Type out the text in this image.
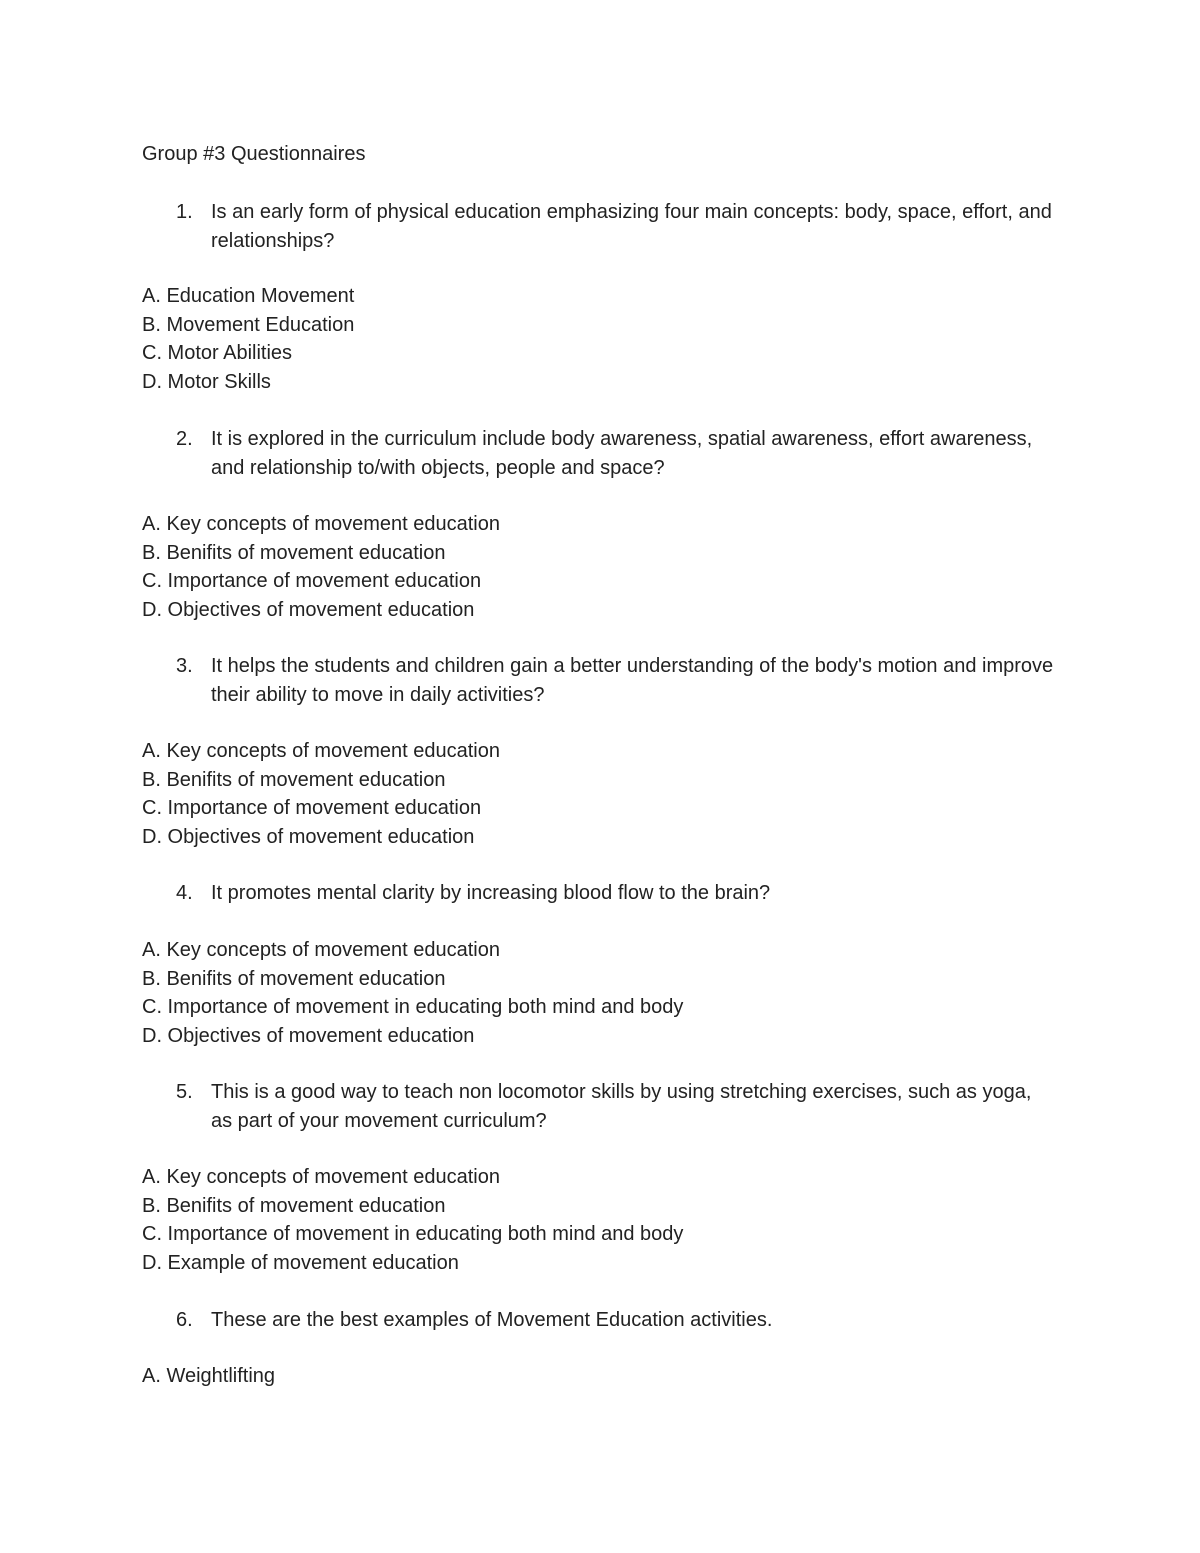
Group #3 Questionnaires
1. Is an early form of physical education emphasizing four main concepts: body, space, effort, and relationships?
A. Education Movement
B. Movement Education
C. Motor Abilities
D. Motor Skills
2. It is explored in the curriculum include body awareness, spatial awareness, effort awareness, and relationship to/with objects, people and space?
A. Key concepts of movement education
B. Benifits of movement education
C. Importance of movement education
D. Objectives of movement education
3. It helps the students and children gain a better understanding of the body's motion and improve their ability to move in daily activities?
A. Key concepts of movement education
B. Benifits of movement education
C. Importance of movement education
D. Objectives of movement education
4. It promotes mental clarity by increasing blood flow to the brain?
A. Key concepts of movement education
B. Benifits of movement education
C. Importance of movement in educating both mind and body
D. Objectives of movement education
5. This is a good way to teach non locomotor skills by using stretching exercises, such as yoga, as part of your movement curriculum?
A. Key concepts of movement education
B. Benifits of movement education
C. Importance of movement in educating both mind and body
D. Example of movement education
6. These are the best examples of Movement Education activities.
A. Weightlifting
